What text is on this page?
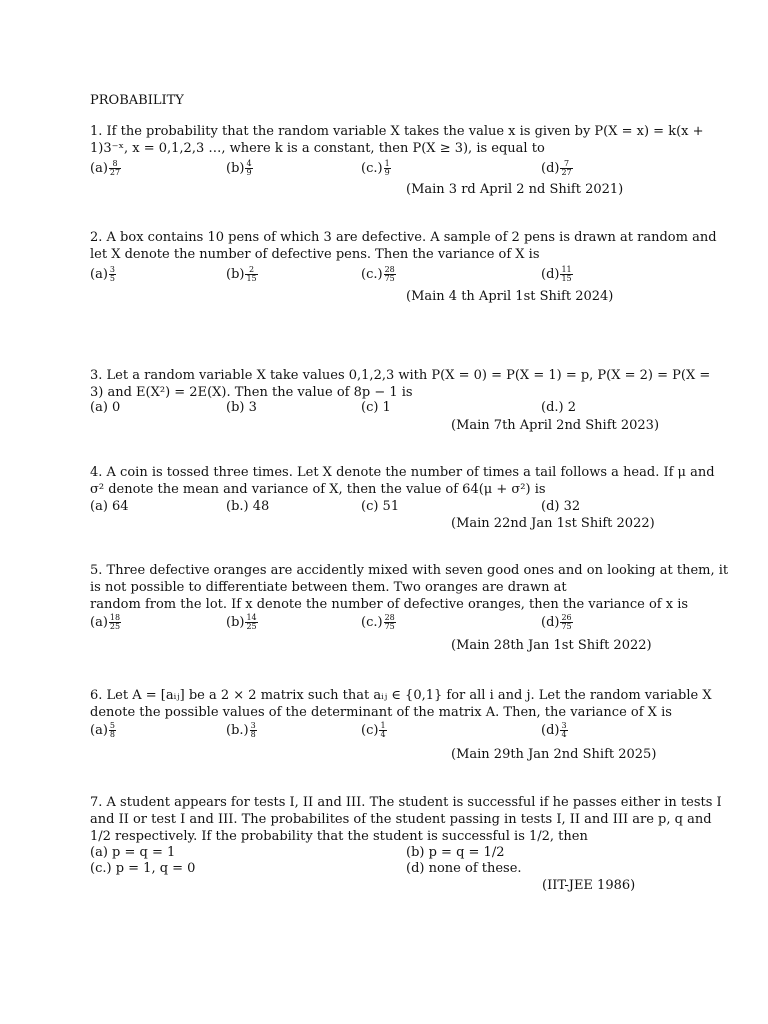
PROBABILITY
1. If the probability that the random variable X takes the value x is given by P(X = x) = k(x +
1)3⁻ˣ, x = 0,1,2,3 …, where k is a constant, then P(X ≥ 3), is equal to
$(a) \frac{8}{27}$	$(b) \frac{4}{9}$	$(c.) \frac{1}{9}$	$(d) \frac{7}{27}$
(Main 3 rd April 2 nd Shift 2021)
2. A box contains 10 pens of which 3 are defective. A sample of 2 pens is drawn at random and
let X denote the number of defective pens. Then the variance of X is
$(a) \frac{3}{5}$	$(b) \frac{2}{15}$	$(c.) \frac{28}{75}$	$(d) \frac{11}{15}$
(Main 4 th April 1st Shift 2024)
3. Let a random variable X take values 0,1,2,3 with P(X = 0) = P(X = 1) = p, P(X = 2) = P(X =
3) and E(X²) = 2E(X). Then the value of 8p − 1 is
(a) 0	(b) 3	(c) 1	(d.) 2
(Main 7th April 2nd Shift 2023)
4. A coin is tossed three times. Let X denote the number of times a tail follows a head. If μ and
σ² denote the mean and variance of X, then the value of 64(μ + σ²) is
(a) 64	(b.) 48	(c) 51	(d) 32
(Main 22nd Jan 1st Shift 2022)
5. Three defective oranges are accidently mixed with seven good ones and on looking at them, it
is not possible to differentiate between them. Two oranges are drawn at
random from the lot. If x denote the number of defective oranges, then the variance of x is
$(a) \frac{18}{25}$	$(b) \frac{14}{25}$	$(c.) \frac{28}{75}$	$(d) \frac{26}{75}$
(Main 28th Jan 1st Shift 2022)
6. Let A = [aᵢⱼ] be a 2 × 2 matrix such that aᵢⱼ ∈ {0,1} for all i and j. Let the random variable X
denote the possible values of the determinant of the matrix A. Then, the variance of X is
$(a) \frac{5}{8}$	$(b.) \frac{3}{8}$	$(c) \frac{1}{4}$	$(d) \frac{3}{4}$
(Main 29th Jan 2nd Shift 2025)
7. A student appears for tests I, II and III. The student is successful if he passes either in tests I
and II or test I and III. The probabilites of the student passing in tests I, II and III are p, q and
1/2 respectively. If the probability that the student is successful is 1/2, then
(a) p = q = 1	(b) p = q = 1/2
(c.) p = 1, q = 0	(d) none of these.
(IIT-JEE 1986)
